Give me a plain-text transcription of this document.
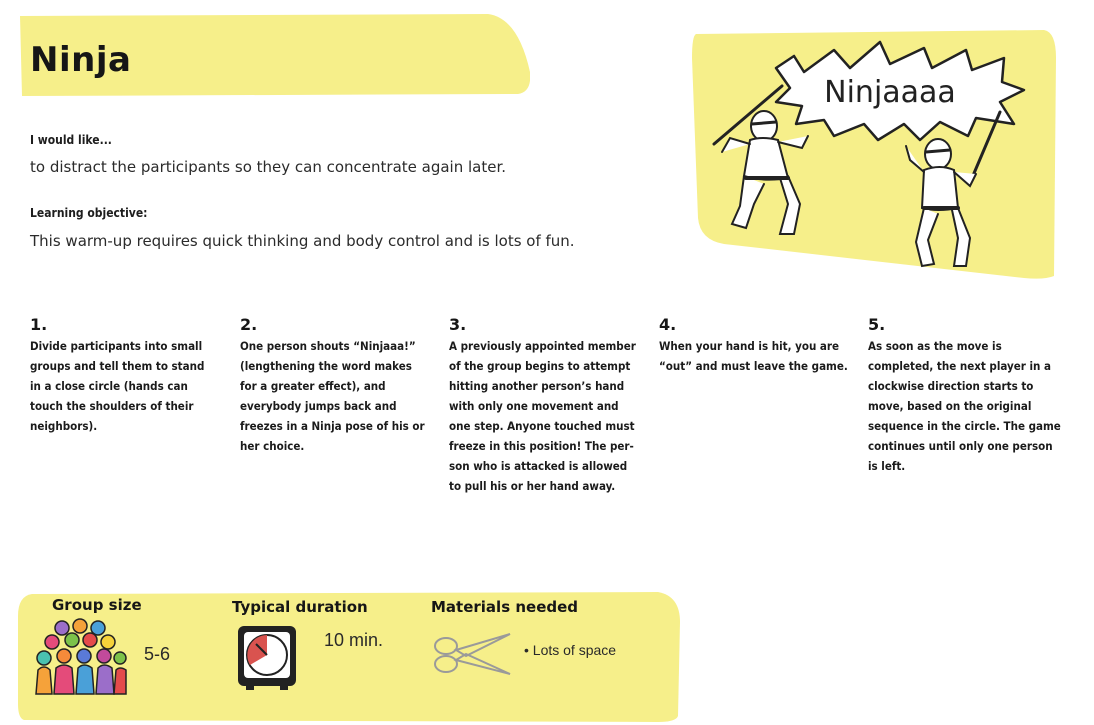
Ninja
I would like...
to distract the participants so they can concentrate again later.
Learning objective:
This warm-up requires quick thinking and body control and is lots of fun.
Ninjaaaa
1.
Divide participants into small groups and tell them to stand in a close circle (hands can touch the shoulders of their neighbors).
2.
One person shouts “Ninjaaa!” (lengthening the word makes for a greater effect), and everybody jumps back and freezes in a Ninja pose of his or her choice.
3.
A previously appointed member of the group begins to attempt hitting another person’s hand with only one movement and one step. Anyone touched must freeze in this position! The per-son who is attacked is allowed to pull his or her hand away.
4.
When your hand is hit, you are “out” and must leave the game.
5.
As soon as the move is completed, the next player in a clockwise direction starts to move, based on the original sequence in the circle. The game continues until only one person is left.
Group size
5-6
Typical duration
10 min.
Materials needed
• Lots of space
